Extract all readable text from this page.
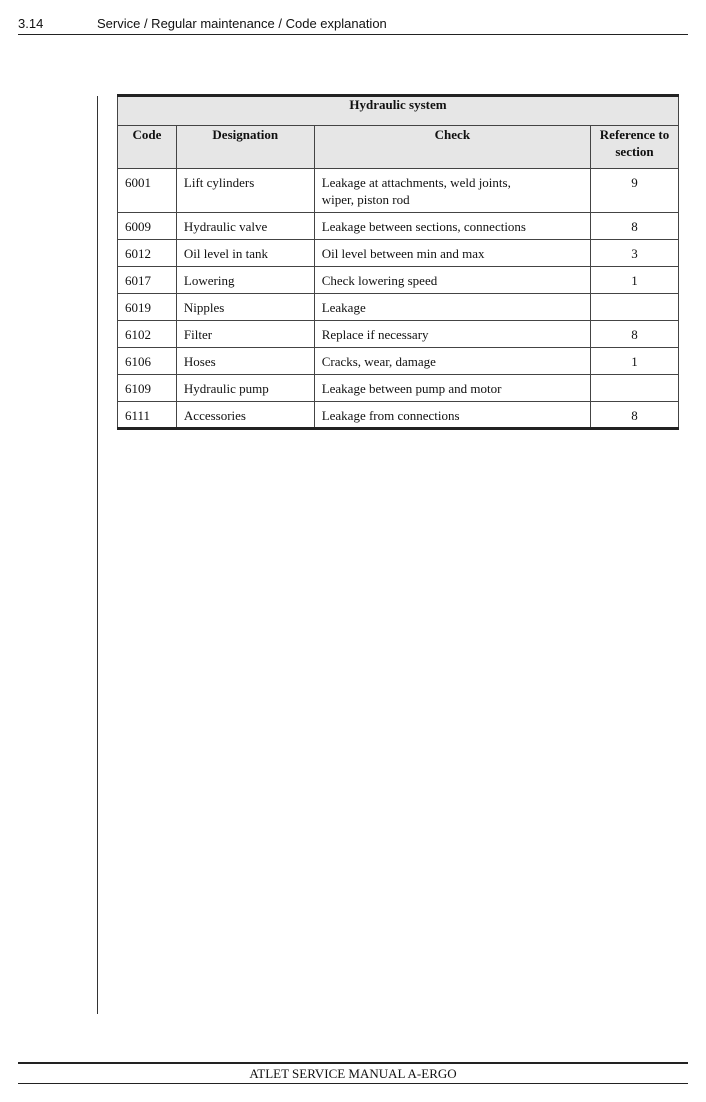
3.14	Service / Regular maintenance / Code explanation
Hydraulic system			
Code	Designation	Check	Reference to
section
6001	Lift cylinders	Leakage at attachments, weld joints,
wiper, piston rod	9
6009	Hydraulic valve	Leakage between sections, connections	8
6012	Oil level in tank	Oil level between min and max	3
6017	Lowering	Check lowering speed	1
6019	Nipples	Leakage	
6102	Filter	Replace if necessary	8
6106	Hoses	Cracks, wear, damage	1
6109	Hydraulic pump	Leakage between pump and motor	
6111	Accessories	Leakage from connections	8
ATLET SERVICE MANUAL A-ERGO
